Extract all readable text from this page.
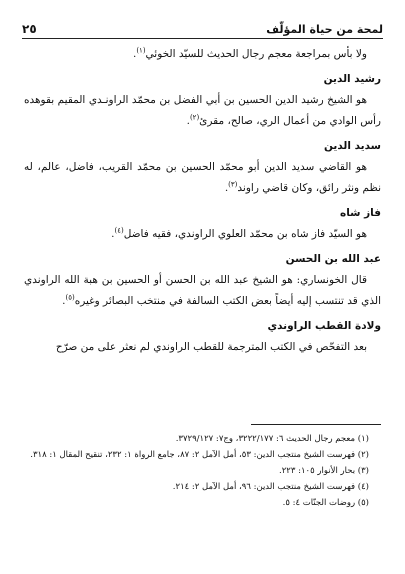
لمحة من حياة المؤلّف
٢٥

ولا بأس بمراجعة معجم رجال الحديث للسيّد الخوئي$^{(١)}$.

رشيد الدين

هو الشيخ رشيد الدين الحسين بن أبي الفضل بن محمّد الراونـدي المقيم بقوهده رأس الوادي من أعمال الري، صالح، مقرئ$^{(٢)}$.

سديد الدين

هو القاضي سديد الدين أبو محمّد الحسين بن محمّد القريب، فاضل، عالم، له نظم ونثر رائق، وكان قاضي راوند$^{(٣)}$.

فاز شاه

هو السيّد فاز شاه بن محمّد العلوي الراوندي، فقيه فاضل$^{(٤)}$.

عبد الله بن الحسن

قال الخونساري: هو الشيخ عبد الله بن الحسن أو الحسين بن هبة الله الراوندي الذي قد تنتسب إليه أيضاً بعض الكتب السالفة في منتخب البصائر وغيره$^{(٥)}$.

ولادة القطب الراوندي

بعد التفحّص في الكتب المترجمة للقطب الراوندي لم نعثر على من صرّح

(١) معجم رجال الحديث ٦: ٣٢٢٢/١٧٧، وج٧: ٣٧٢٩/١٢٧.

(٢) فهرست الشيخ منتجب الدين: ٥٣، أمل الآمل ٢: ٨٧، جامع الرواة ١: ٢٣٢، تنقيح المقال ١: ٣١٨.

(٣) بحار الأنوار ١٠٥: ٢٢٣.

(٤) فهرست الشيخ منتجب الدين: ٩٦، أمل الآمل ٢: ٢١٤.

(٥) روضات الجنّات ٤: ٥.
